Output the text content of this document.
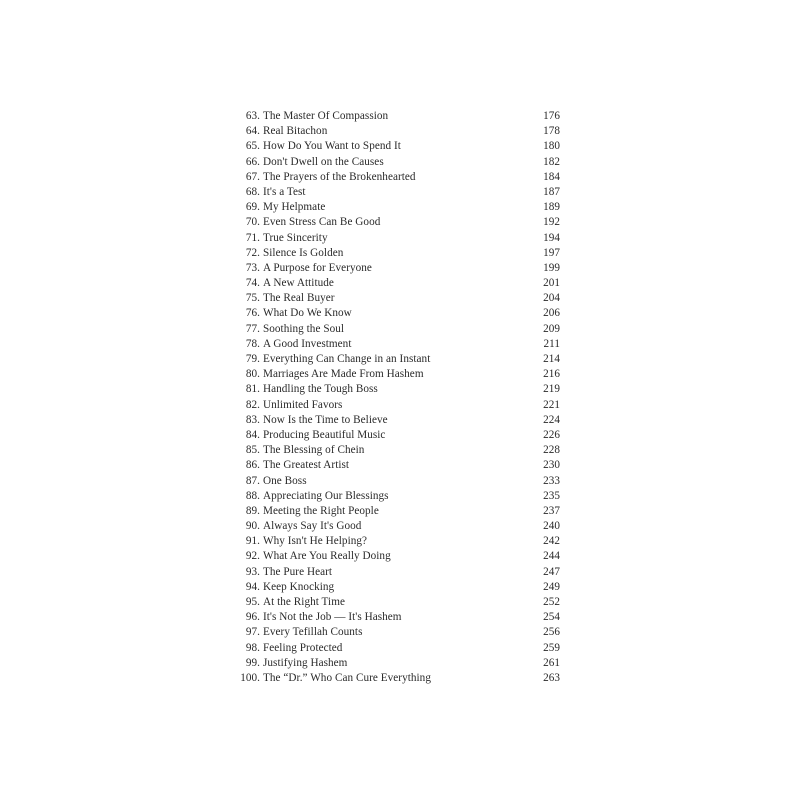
63. The Master Of Compassion	176
64. Real Bitachon	178
65. How Do You Want to Spend It	180
66. Don't Dwell on the Causes	182
67. The Prayers of the Brokenhearted	184
68. It's a Test	187
69. My Helpmate	189
70. Even Stress Can Be Good	192
71. True Sincerity	194
72. Silence Is Golden	197
73. A Purpose for Everyone	199
74. A New Attitude	201
75. The Real Buyer	204
76. What Do We Know	206
77. Soothing the Soul	209
78. A Good Investment	211
79. Everything Can Change in an Instant	214
80. Marriages Are Made From Hashem	216
81. Handling the Tough Boss	219
82. Unlimited Favors	221
83. Now Is the Time to Believe	224
84. Producing Beautiful Music	226
85. The Blessing of Chein	228
86. The Greatest Artist	230
87. One Boss	233
88. Appreciating Our Blessings	235
89. Meeting the Right People	237
90. Always Say It's Good	240
91. Why Isn't He Helping?	242
92. What Are You Really Doing	244
93. The Pure Heart	247
94. Keep Knocking	249
95. At the Right Time	252
96. It's Not the Job — It's Hashem	254
97. Every Tefillah Counts	256
98. Feeling Protected	259
99. Justifying Hashem	261
100. The “Dr.” Who Can Cure Everything	263
